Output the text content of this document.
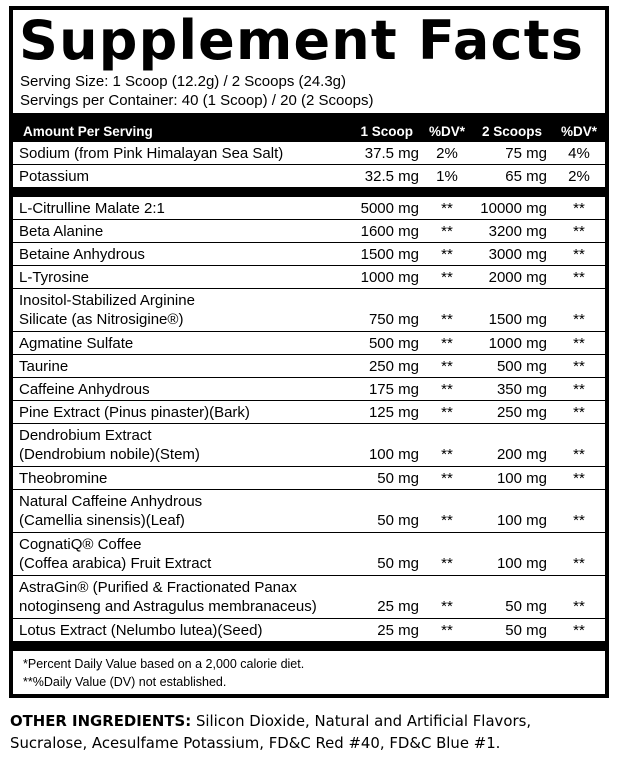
Supplement Facts
Serving Size: 1 Scoop (12.2g) / 2 Scoops (24.3g)
Servings per Container: 40 (1 Scoop) / 20 (2 Scoops)
Amount Per Serving	1 Scoop	%DV*	2 Scoops	%DV*
Sodium (from Pink Himalayan Sea Salt)	37.5 mg	2%	75 mg	4%
Potassium	32.5 mg	1%	65 mg	2%
L-Citrulline Malate 2:1	5000 mg	**	10000 mg	**
Beta Alanine	1600 mg	**	3200 mg	**
Betaine Anhydrous	1500 mg	**	3000 mg	**
L-Tyrosine	1000 mg	**	2000 mg	**
Inositol-Stabilized Arginine
Silicate (as Nitrosigine®)	750 mg	**	1500 mg	**
Agmatine Sulfate	500 mg	**	1000 mg	**
Taurine	250 mg	**	500 mg	**
Caffeine Anhydrous	175 mg	**	350 mg	**
Pine Extract (Pinus pinaster)(Bark)	125 mg	**	250 mg	**
Dendrobium Extract
(Dendrobium nobile)(Stem)	100 mg	**	200 mg	**
Theobromine	50 mg	**	100 mg	**
Natural Caffeine Anhydrous
(Camellia sinensis)(Leaf)	50 mg	**	100 mg	**
CognatiQ® Coffee
(Coffea arabica) Fruit Extract	50 mg	**	100 mg	**
AstraGin® (Purified & Fractionated Panax
notoginseng and Astragulus membranaceus)	25 mg	**	50 mg	**
Lotus Extract (Nelumbo lutea)(Seed)	25 mg	**	50 mg	**
*Percent Daily Value based on a 2,000 calorie diet.
**%Daily Value (DV) not established.
OTHER INGREDIENTS: Silicon Dioxide, Natural and Artificial Flavors, Sucralose, Acesulfame Potassium, FD&C Red #40, FD&C Blue #1.
